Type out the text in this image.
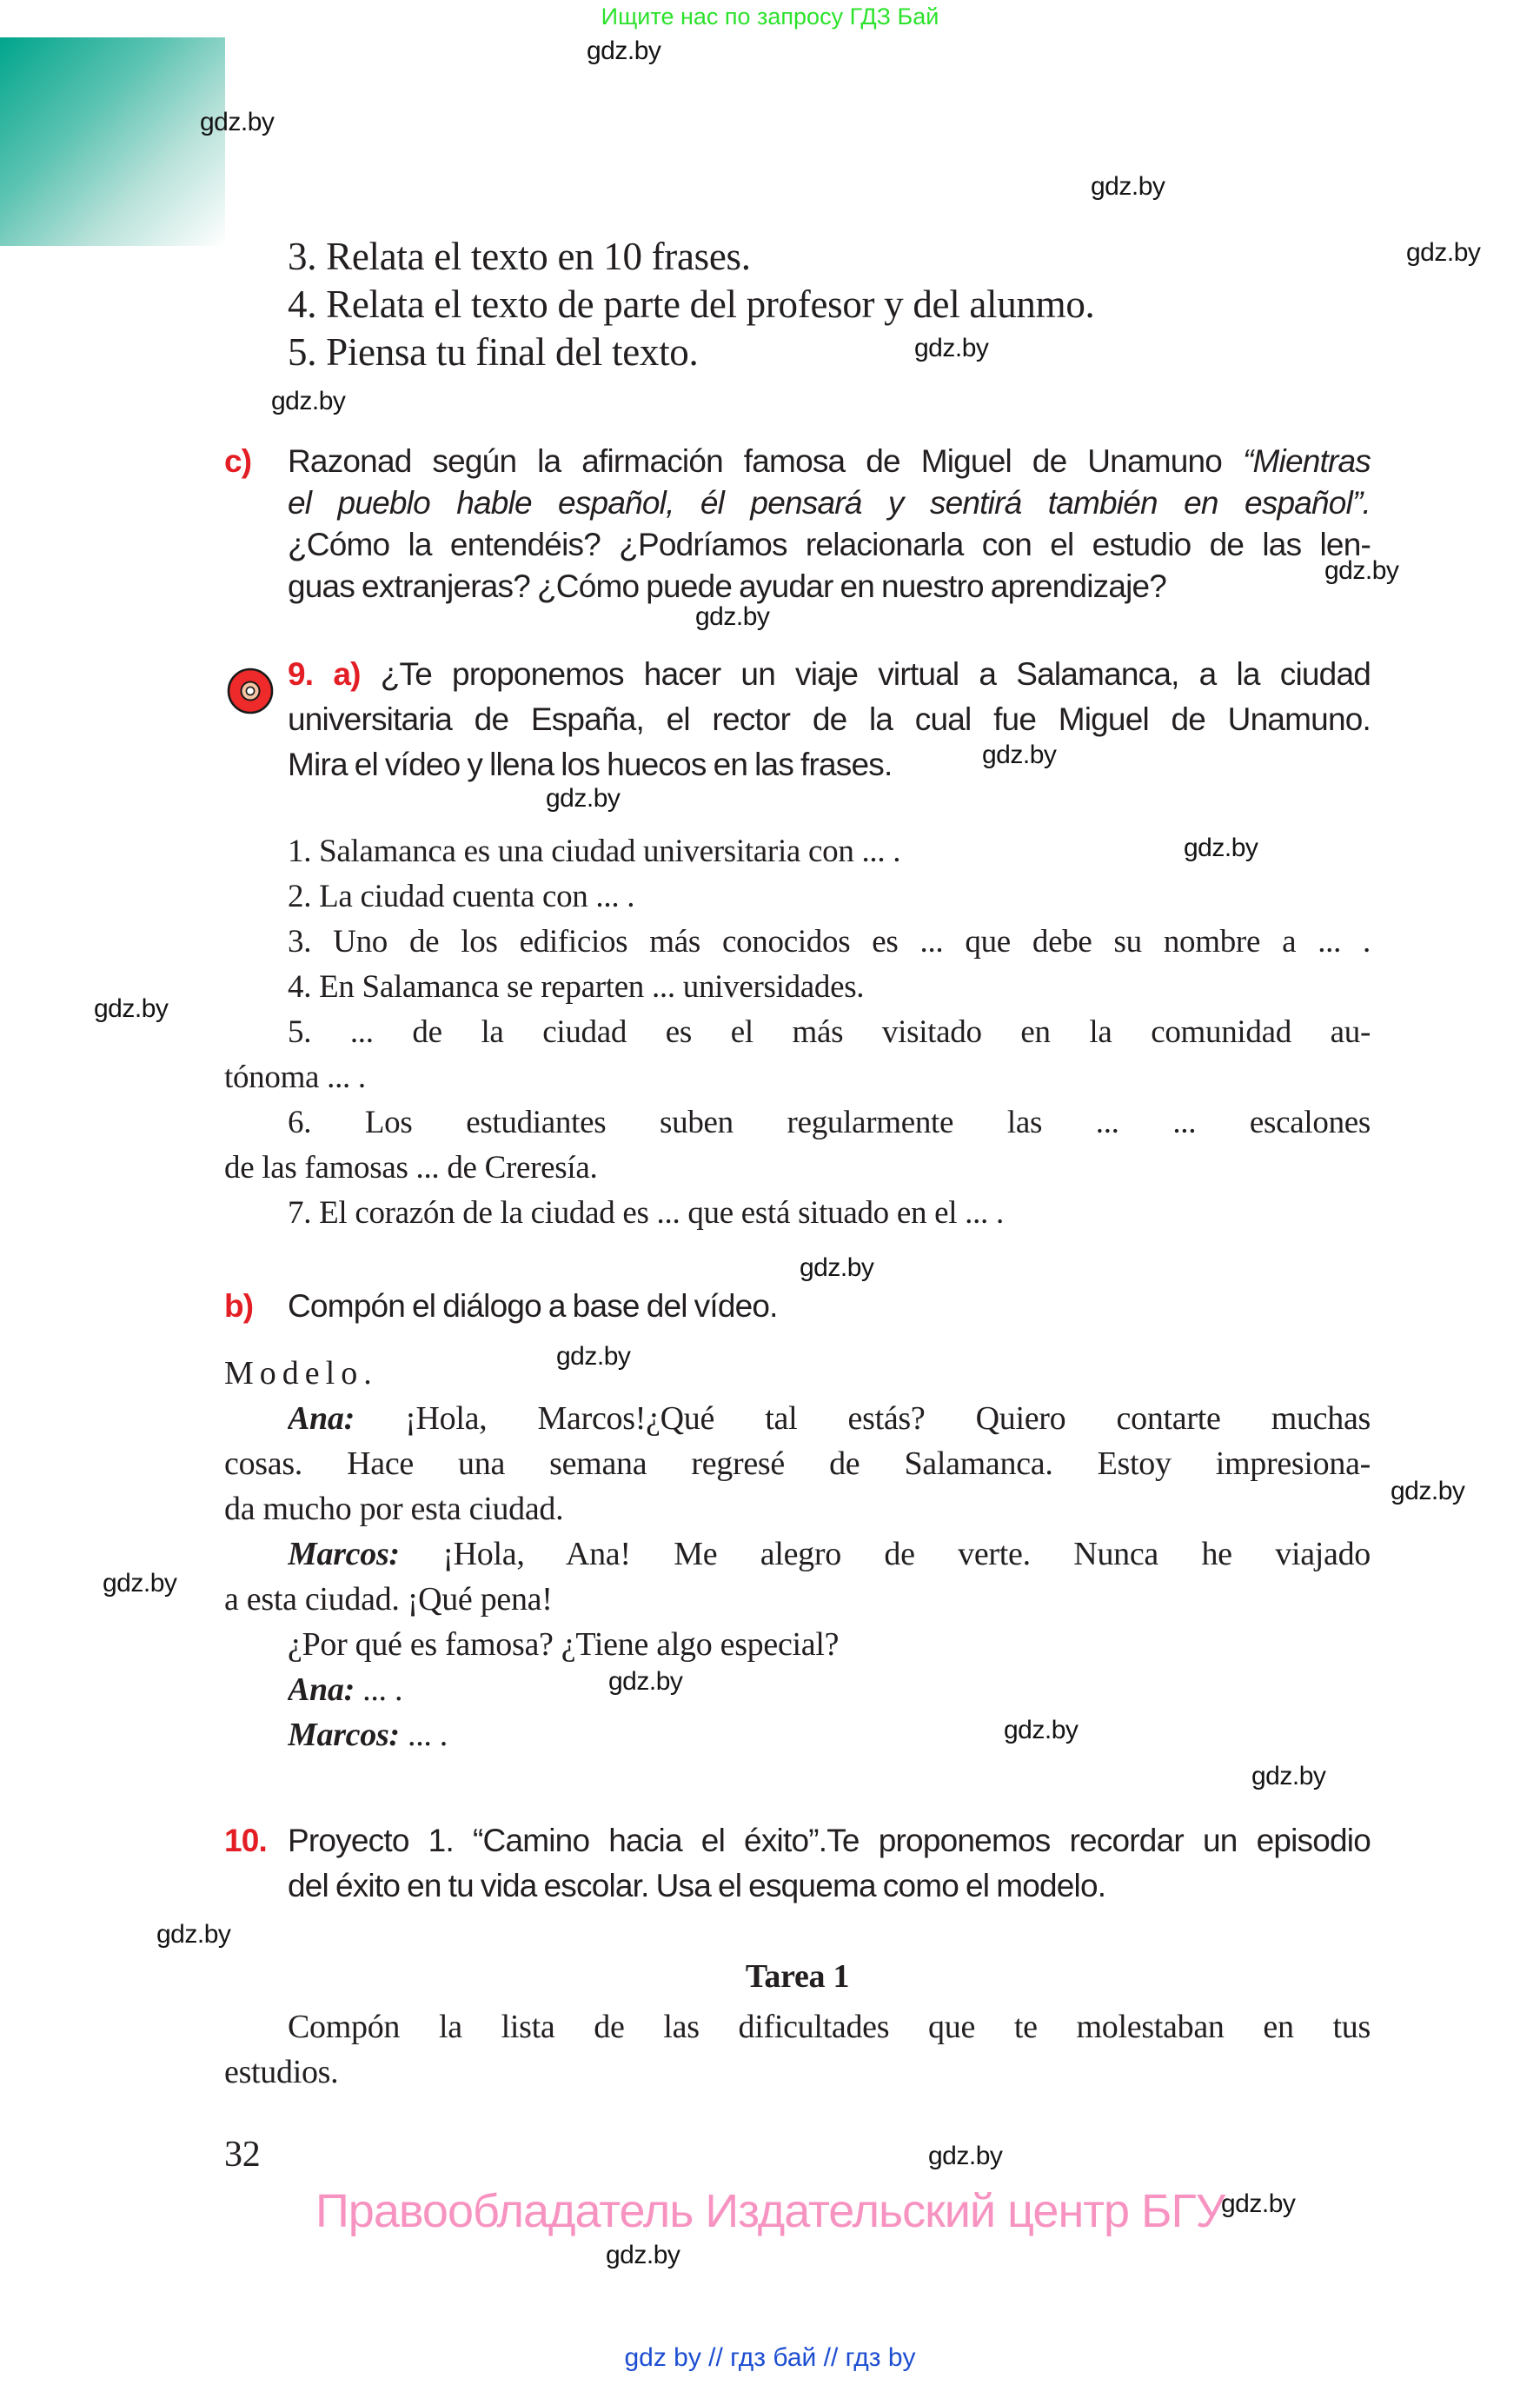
Ищите нас по запросу ГДЗ Бай
gdz.by
gdz.by
gdz.by
gdz.by
gdz.by
gdz.by
gdz.by
gdz.by
gdz.by
gdz.by
gdz.by
gdz.by
gdz.by
gdz.by
gdz.by
gdz.by
gdz.by
gdz.by
gdz.by
gdz.by
gdz.by
gdz.by
gdz.by
3. Relata el texto en 10 frases.
4. Relata el texto de parte del profesor y del alunmo.
5. Piensa tu final del texto.
c) Razonad según la afirmación famosa de Miguel de Unamuno “Mientras
el pueblo hable español, él pensará y sentirá también en español”.
¿Cómo la entendéis? ¿Podríamos relacionarla con el estudio de las len-
guas extranjeras? ¿Cómo puede ayudar en nuestro aprendizaje?
9. a) ¿Te proponemos hacer un viaje virtual a Salamanca, a la ciudad
universitaria de España, el rector de la cual fue Miguel de Unamuno.
Mira el vídeo y llena los huecos en las frases.
1. Salamanca es una ciudad universitaria con ... .
2. La ciudad cuenta con ... .
3. Uno de los edificios más conocidos es ... que debe su nombre a ... .
4. En Salamanca se reparten ... universidades.
5. ... de la ciudad es el más visitado en la comunidad au-
tónoma ... .
6. Los estudiantes suben regularmente las ... ... escalones
de las famosas ... de Creresía.
7. El corazón de la ciudad es ... que está situado en el ... .
b) Compón el diálogo a base del vídeo.
Modelo.
Ana: ¡Hola, Marcos!¿Qué tal estás? Quiero contarte muchas
cosas. Hace una semana regresé de Salamanca. Estoy impresiona-
da mucho por esta ciudad.
Marcos: ¡Hola, Ana! Me alegro de verte. Nunca he viajado
a esta ciudad. ¡Qué pena!
¿Por qué es famosa? ¿Tiene algo especial?
Ana: ... .
Marcos: ... .
10. Proyecto 1. “Camino hacia el éxito”.Te proponemos recordar un episodio
del éxito en tu vida escolar. Usa el esquema como el modelo.
Tarea 1
Compón la lista de las dificultades que te molestaban en tus
estudios.
32
Правообладатель Издательский центр БГУ
gdz by // гдз бай // гдз by
